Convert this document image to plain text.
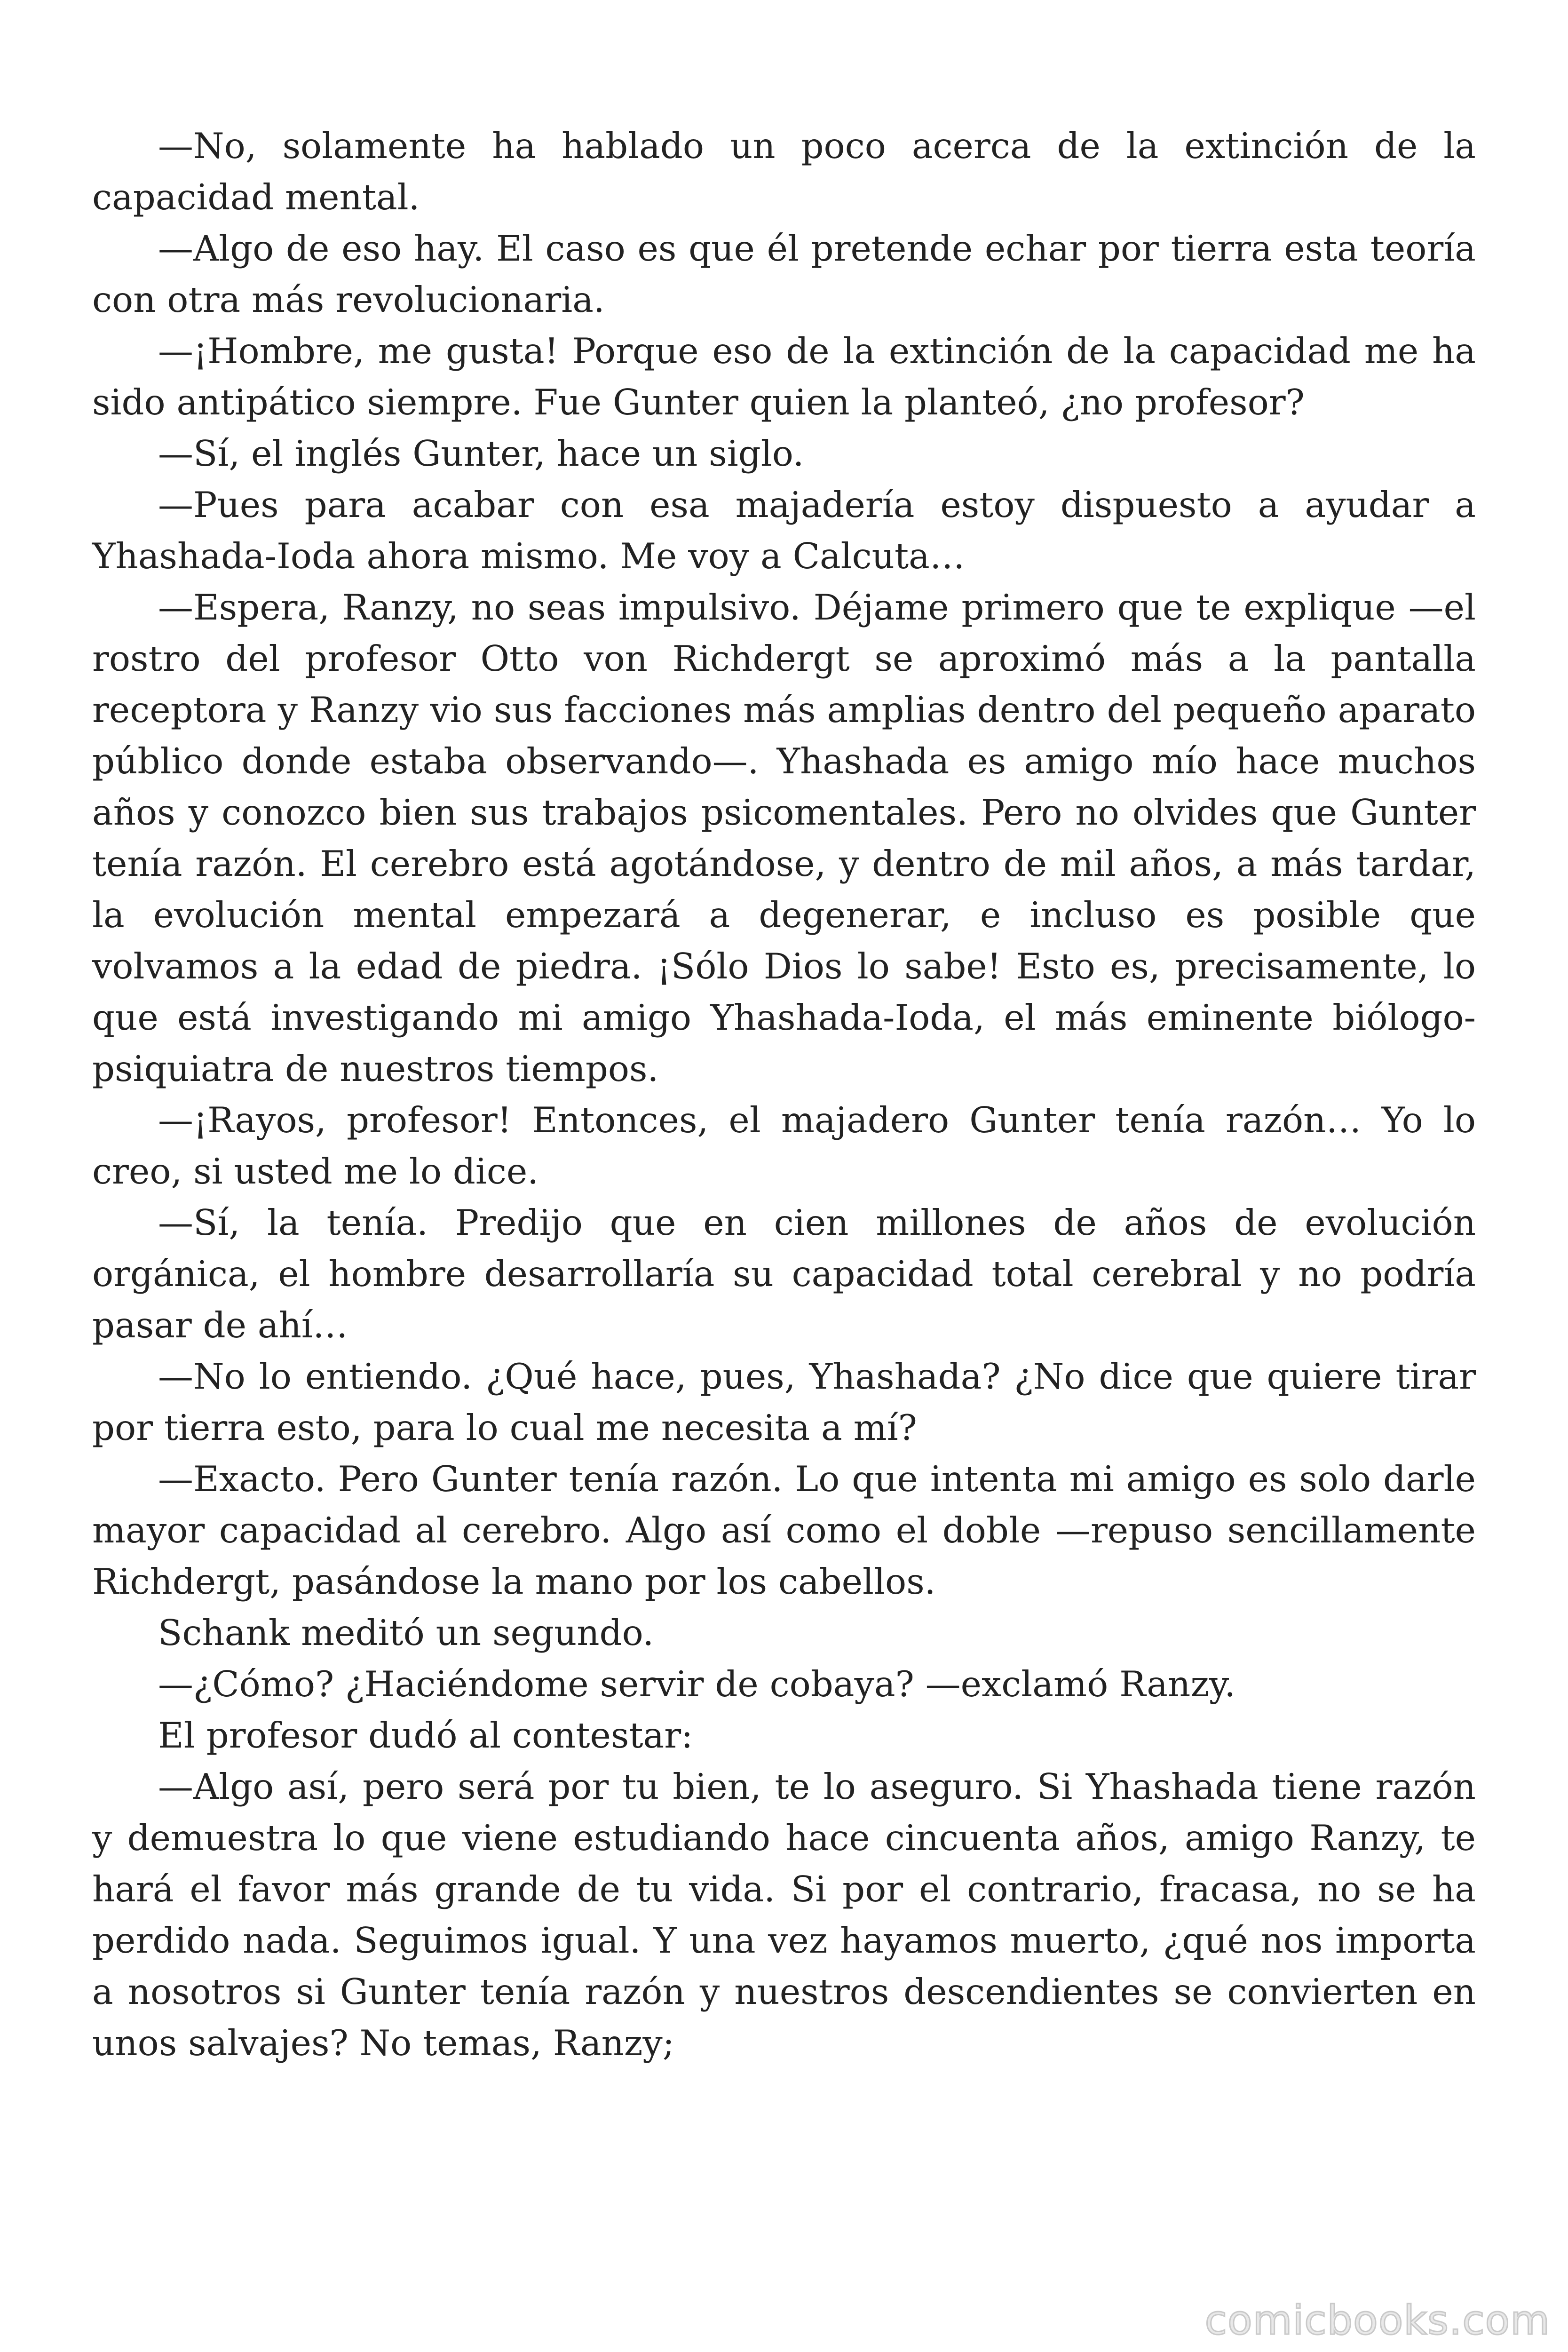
—No, solamente ha hablado un poco acerca de la extinción de la capacidad mental.

—Algo de eso hay. El caso es que él pretende echar por tierra esta teoría con otra más revolucionaria.

—¡Hombre, me gusta! Porque eso de la extinción de la capacidad me ha sido antipático siempre. Fue Gunter quien la planteó, ¿no profesor?

—Sí, el inglés Gunter, hace un siglo.

—Pues para acabar con esa majadería estoy dispuesto a ayudar a Yhashada-Ioda ahora mismo. Me voy a Calcuta…

—Espera, Ranzy, no seas impulsivo. Déjame primero que te explique —el rostro del profesor Otto von Richdergt se aproximó más a la pantalla receptora y Ranzy vio sus facciones más amplias dentro del pequeño aparato público donde estaba observando—. Yhashada es amigo mío hace muchos años y conozco bien sus trabajos psicomentales. Pero no olvides que Gunter tenía razón. El cerebro está agotándose, y dentro de mil años, a más tardar, la evolución mental empezará a degenerar, e incluso es posible que volvamos a la edad de piedra. ¡Sólo Dios lo sabe! Esto es, precisamente, lo que está investigando mi amigo Yhashada-Ioda, el más eminente biólogo-psiquiatra de nuestros tiempos.

—¡Rayos, profesor! Entonces, el majadero Gunter tenía razón… Yo lo creo, si usted me lo dice.

—Sí, la tenía. Predijo que en cien millones de años de evolución orgánica, el hombre desarrollaría su capacidad total cerebral y no podría pasar de ahí…

—No lo entiendo. ¿Qué hace, pues, Yhashada? ¿No dice que quiere tirar por tierra esto, para lo cual me necesita a mí?

—Exacto. Pero Gunter tenía razón. Lo que intenta mi amigo es solo darle mayor capacidad al cerebro. Algo así como el doble —repuso sencillamente Richdergt, pasándose la mano por los cabellos.

Schank meditó un segundo.

—¿Cómo? ¿Haciéndome servir de cobaya? —exclamó Ranzy.

El profesor dudó al contestar:

—Algo así, pero será por tu bien, te lo aseguro. Si Yhashada tiene razón y demuestra lo que viene estudiando hace cincuenta años, amigo Ranzy, te hará el favor más grande de tu vida. Si por el contrario, fracasa, no se ha perdido nada. Seguimos igual. Y una vez hayamos muerto, ¿qué nos importa a nosotros si Gunter tenía razón y nuestros descendientes se convierten en unos salvajes? No temas, Ranzy;

comicbooks.com
